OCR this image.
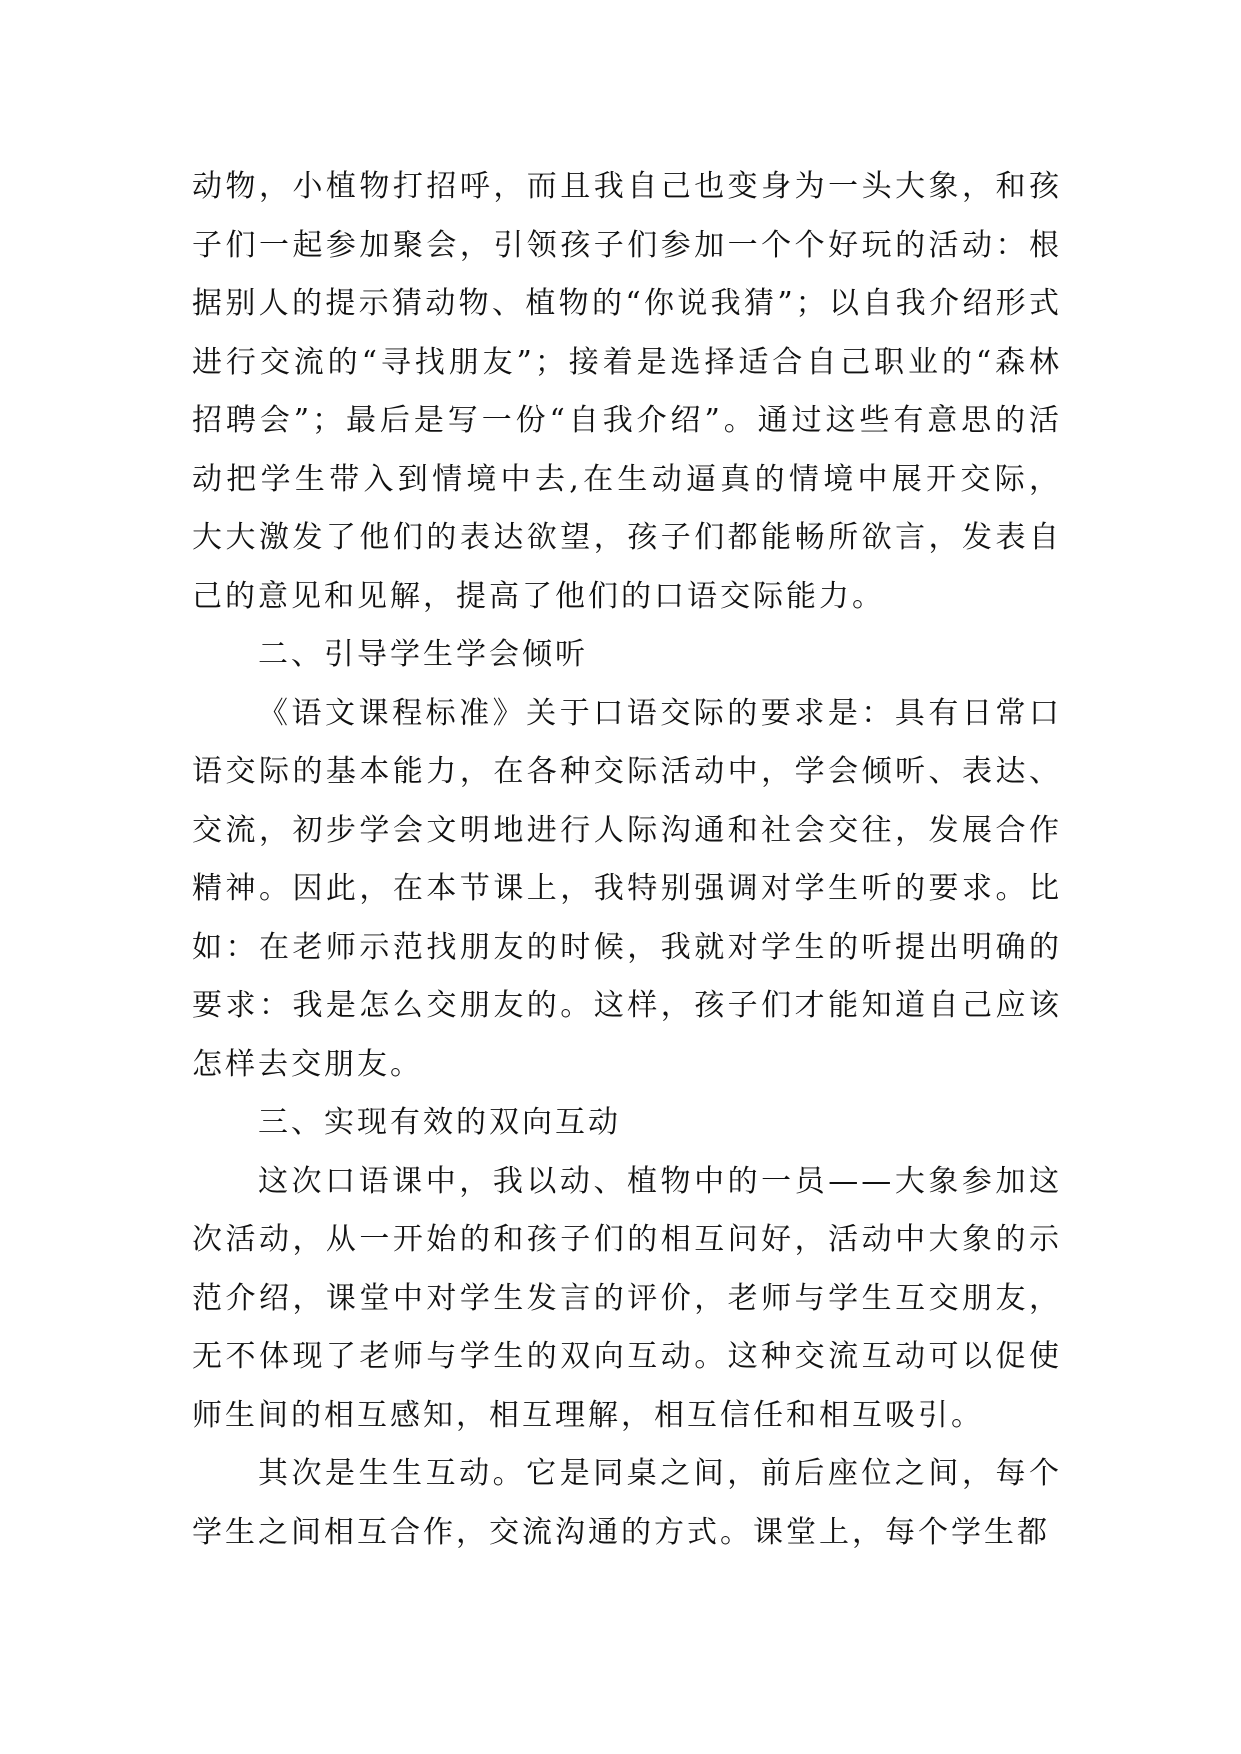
动物，小植物打招呼，而且我自己也变身为一头大象，和孩子们一起参加聚会，引领孩子们参加一个个好玩的活动：根据别人的提示猜动物、植物的“你说我猜”；以自我介绍形式进行交流的“寻找朋友”；接着是选择适合自己职业的“森林招聘会”；最后是写一份“自我介绍”。通过这些有意思的活动把学生带入到情境中去,在生动逼真的情境中展开交际，大大激发了他们的表达欲望，孩子们都能畅所欲言，发表自己的意见和见解，提高了他们的口语交际能力。

二、引导学生学会倾听

《语文课程标准》关于口语交际的要求是：具有日常口语交际的基本能力，在各种交际活动中，学会倾听、表达、交流，初步学会文明地进行人际沟通和社会交往，发展合作精神。因此，在本节课上，我特别强调对学生听的要求。比如：在老师示范找朋友的时候，我就对学生的听提出明确的要求：我是怎么交朋友的。这样，孩子们才能知道自己应该怎样去交朋友。

三、实现有效的双向互动

这次口语课中，我以动、植物中的一员——大象参加这次活动，从一开始的和孩子们的相互问好，活动中大象的示范介绍，课堂中对学生发言的评价，老师与学生互交朋友，无不体现了老师与学生的双向互动。这种交流互动可以促使师生间的相互感知，相互理解，相互信任和相互吸引。

其次是生生互动。它是同桌之间，前后座位之间，每个学生之间相互合作，交流沟通的方式。课堂上，每个学生都
